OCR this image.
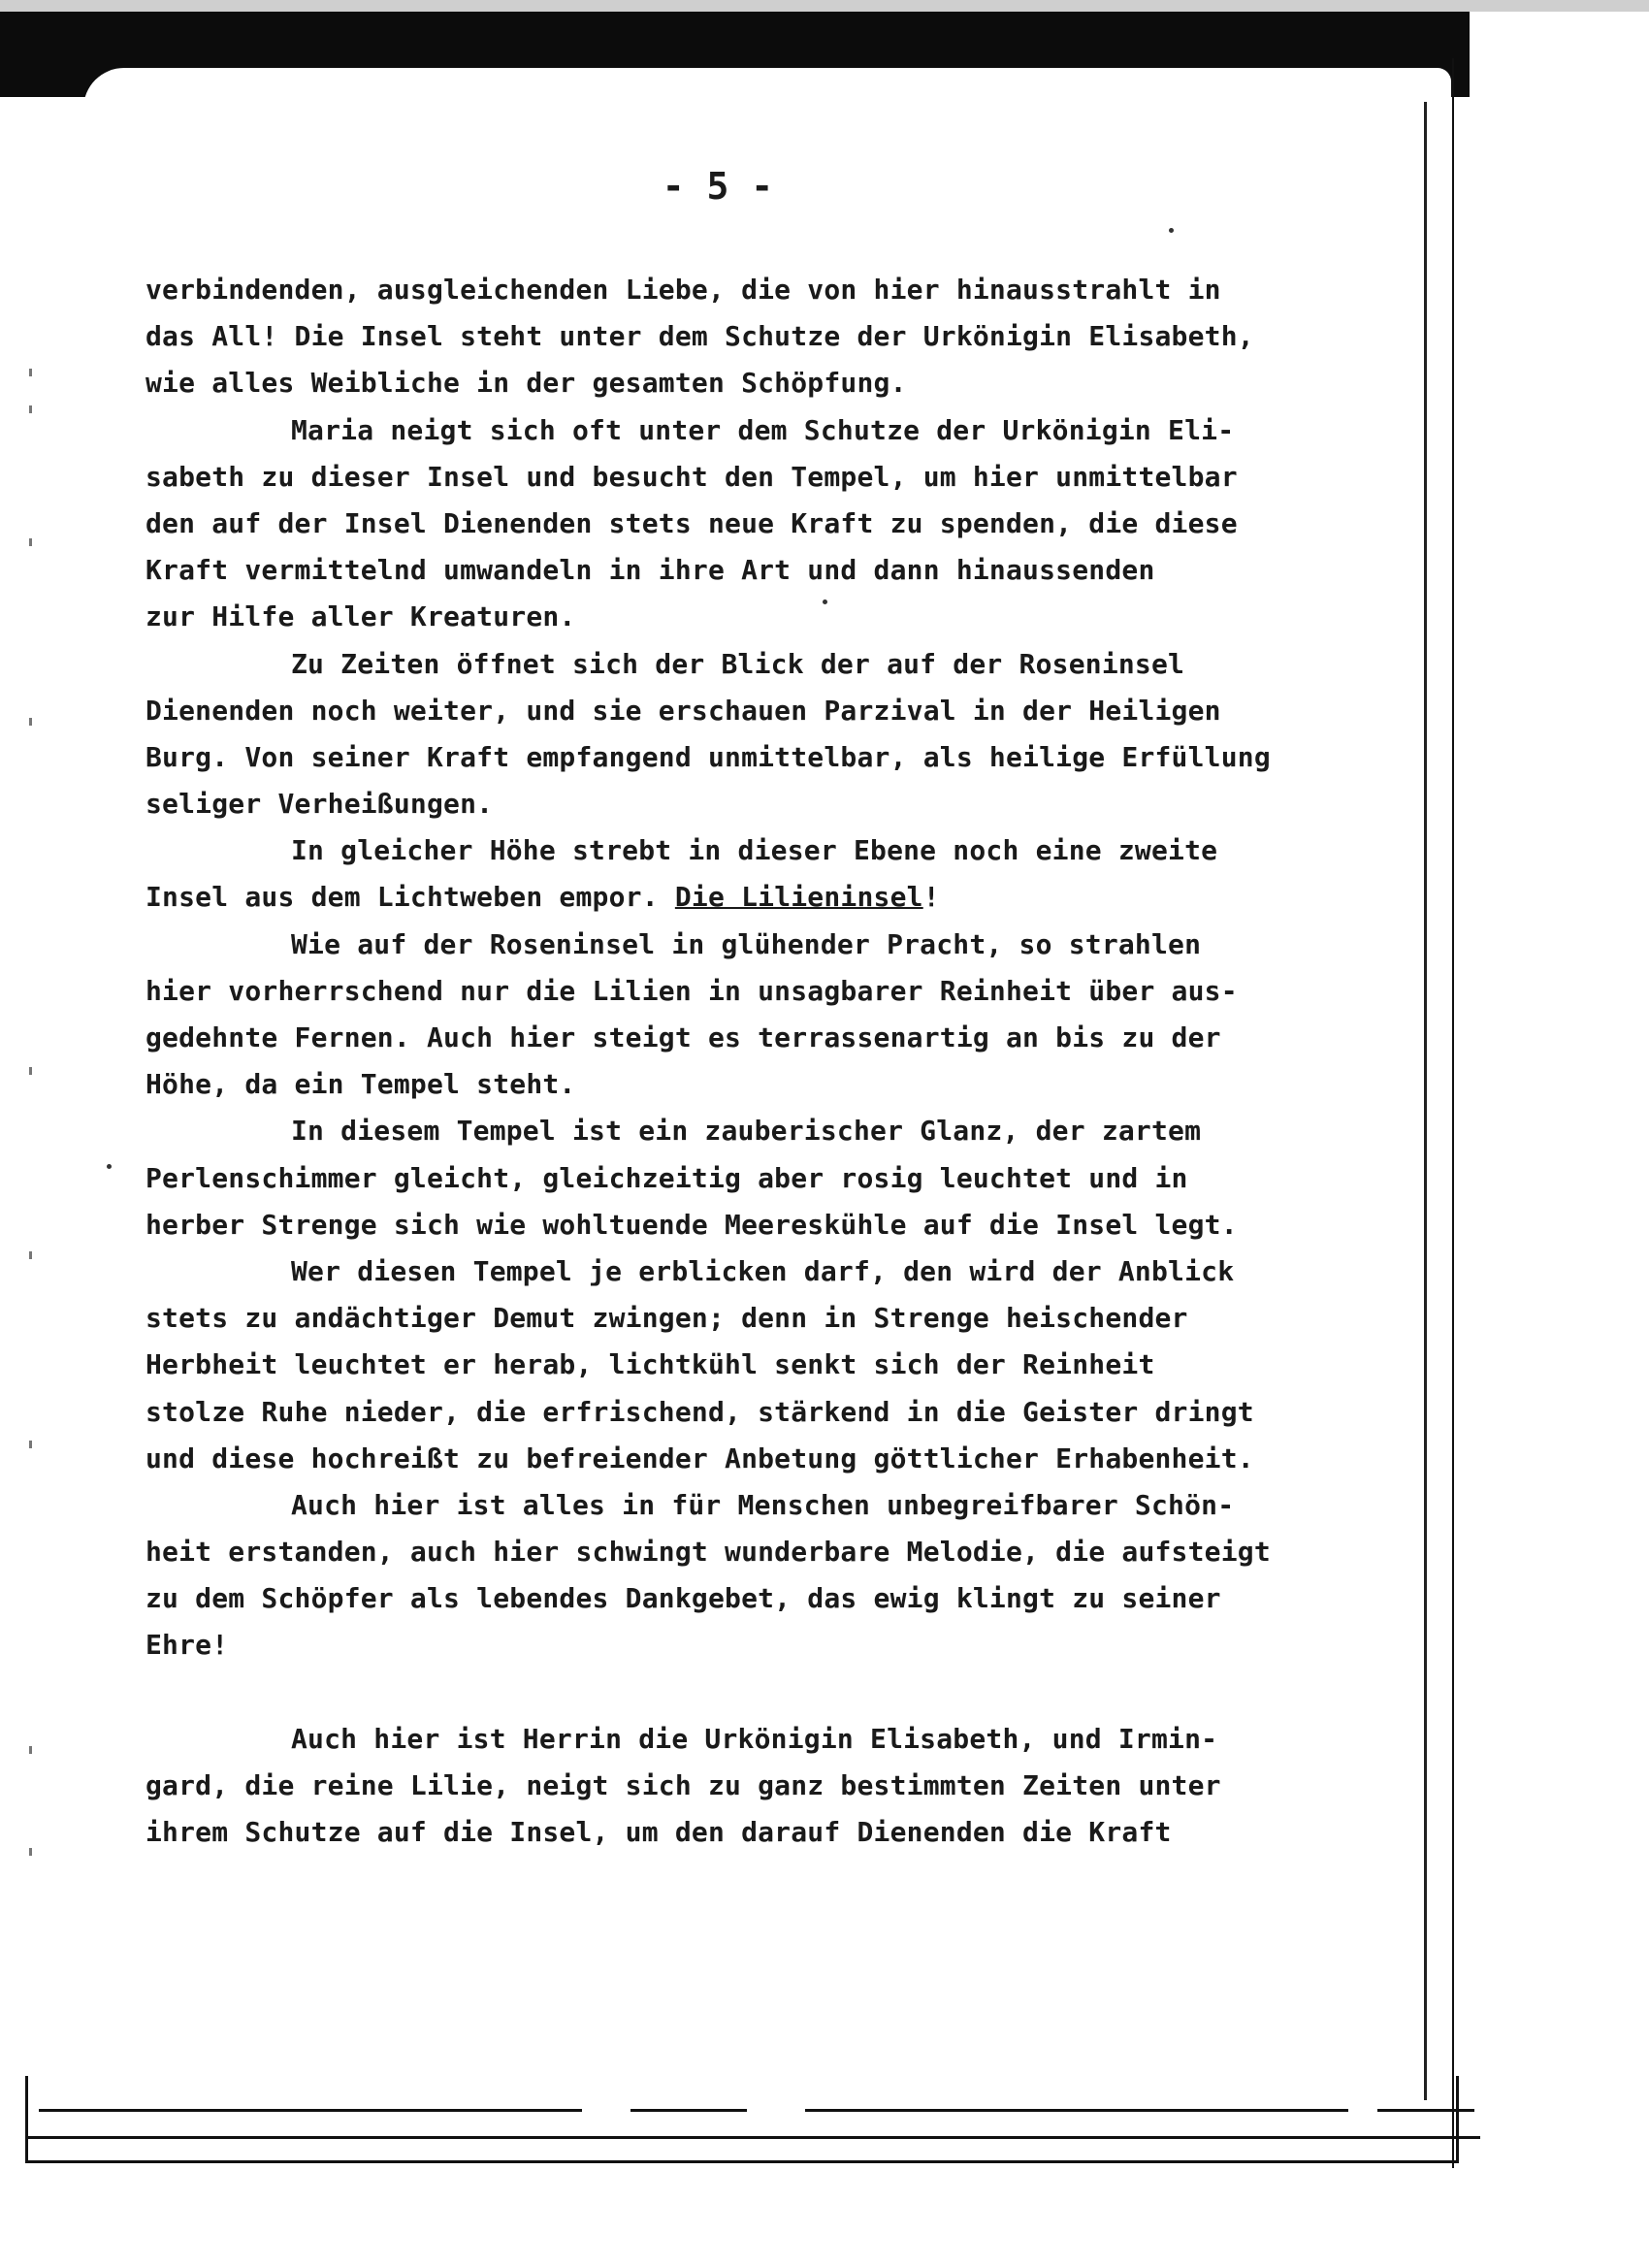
- 5 -
verbindenden, ausgleichenden Liebe, die von hier hinausstrahlt in
das All! Die Insel steht unter dem Schutze der Urkönigin Elisabeth,
wie alles Weibliche in der gesamten Schöpfung.
Maria neigt sich oft unter dem Schutze der Urkönigin Eli-
sabeth zu dieser Insel und besucht den Tempel, um hier unmittelbar
den auf der Insel Dienenden stets neue Kraft zu spenden, die diese
Kraft vermittelnd umwandeln in ihre Art und dann hinaussenden
zur Hilfe aller Kreaturen.
Zu Zeiten öffnet sich der Blick der auf der Roseninsel
Dienenden noch weiter, und sie erschauen Parzival in der Heiligen
Burg. Von seiner Kraft empfangend unmittelbar, als heilige Erfüllung
seliger Verheißungen.
In gleicher Höhe strebt in dieser Ebene noch eine zweite
Insel aus dem Lichtweben empor. Die Lilieninsel!
Wie auf der Roseninsel in glühender Pracht, so strahlen
hier vorherrschend nur die Lilien in unsagbarer Reinheit über aus-
gedehnte Fernen. Auch hier steigt es terrassenartig an bis zu der
Höhe, da ein Tempel steht.
In diesem Tempel ist ein zauberischer Glanz, der zartem
Perlenschimmer gleicht, gleichzeitig aber rosig leuchtet und in
herber Strenge sich wie wohltuende Meereskühle auf die Insel legt.
Wer diesen Tempel je erblicken darf, den wird der Anblick
stets zu andächtiger Demut zwingen; denn in Strenge heischender
Herbheit leuchtet er herab, lichtkühl senkt sich der Reinheit
stolze Ruhe nieder, die erfrischend, stärkend in die Geister dringt
und diese hochreißt zu befreiender Anbetung göttlicher Erhabenheit.
Auch hier ist alles in für Menschen unbegreifbarer Schön-
heit erstanden, auch hier schwingt wunderbare Melodie, die aufsteigt
zu dem Schöpfer als lebendes Dankgebet, das ewig klingt zu seiner
Ehre!
Auch hier ist Herrin die Urkönigin Elisabeth, und Irmin-
gard, die reine Lilie, neigt sich zu ganz bestimmten Zeiten unter
ihrem Schutze auf die Insel, um den darauf Dienenden die Kraft
